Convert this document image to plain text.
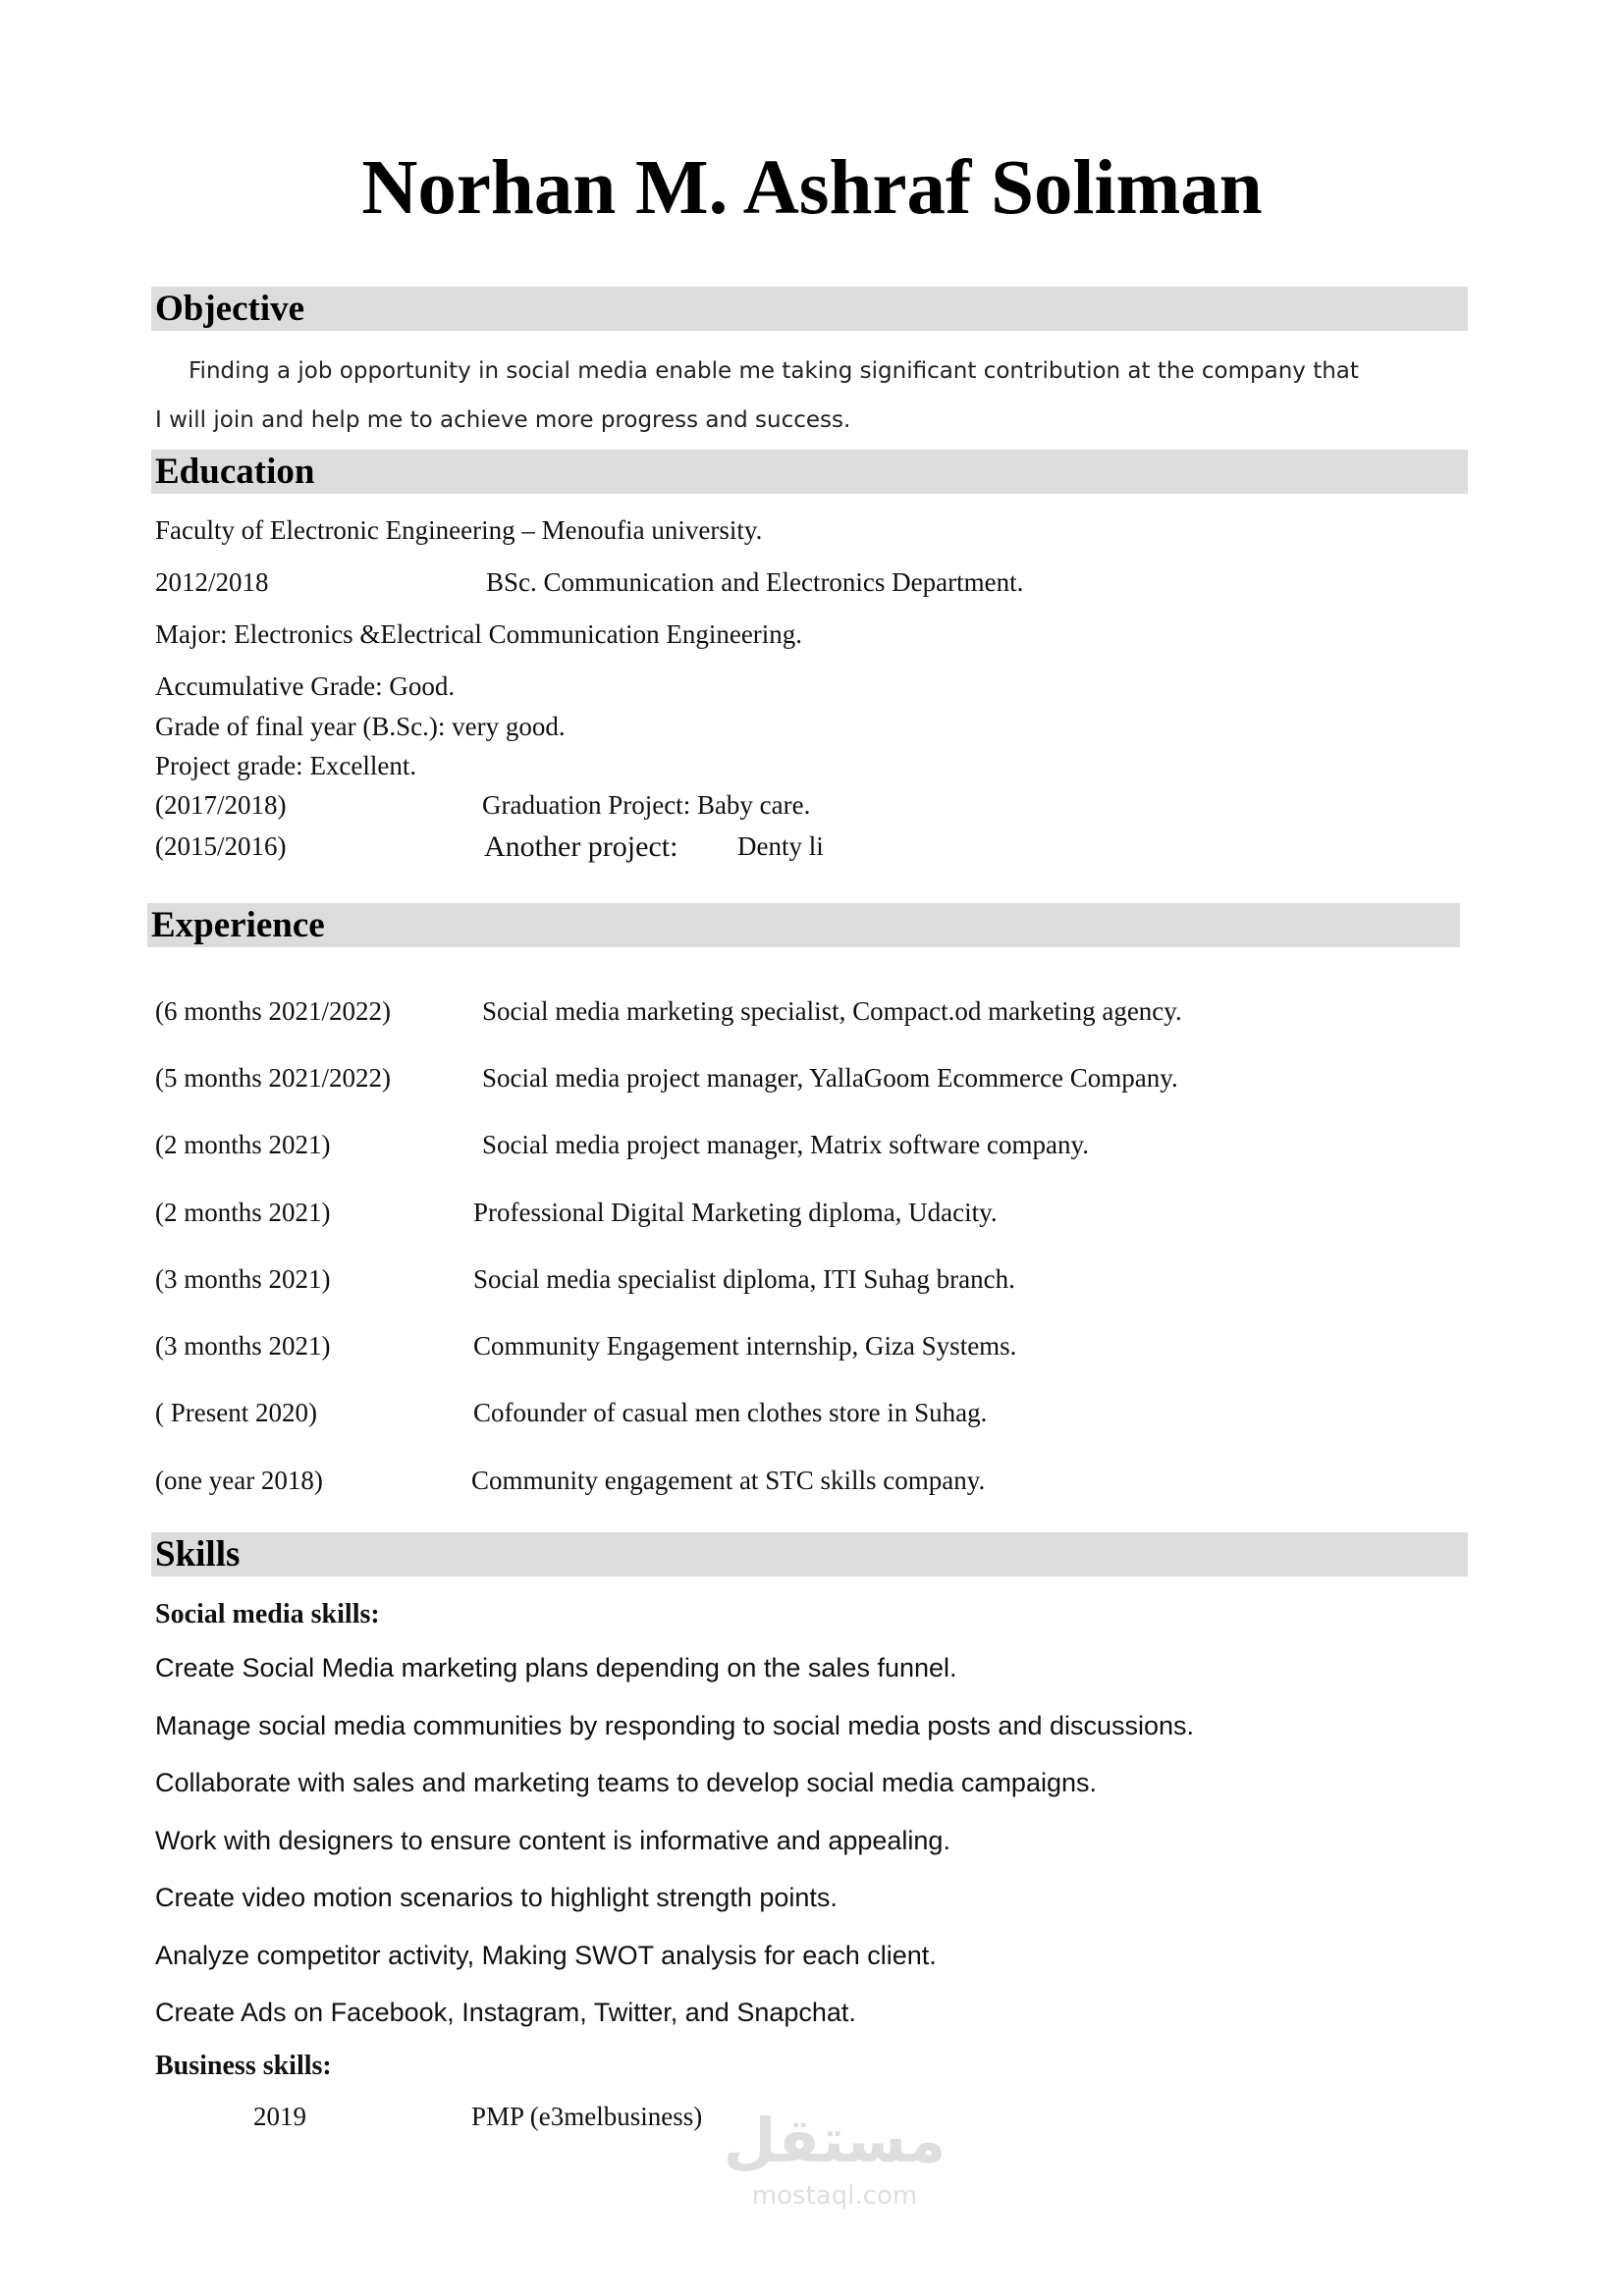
Norhan M. Ashraf Soliman
Objective
Finding a job opportunity in social media enable me taking significant contribution at the company that
I will join and help me to achieve more progress and success.
Education
Faculty of Electronic Engineering – Menoufia university.
2012/2018	BSc. Communication and Electronics Department.
Major: Electronics &Electrical Communication Engineering.
Accumulative Grade: Good.
Grade of final year (B.Sc.): very good.
Project grade: Excellent.
(2017/2018)	Graduation Project: Baby care.
(2015/2016)	Another project: Denty li
Experience
(6 months 2021/2022)	Social media marketing specialist, Compact.od marketing agency.
(5 months 2021/2022)	Social media project manager, YallaGoom Ecommerce Company.
(2 months 2021)	Social media project manager, Matrix software company.
(2 months 2021)	Professional Digital Marketing diploma, Udacity.
(3 months 2021)	Social media specialist diploma, ITI Suhag branch.
(3 months 2021)	Community Engagement internship, Giza Systems.
( Present 2020)	Cofounder of casual men clothes store in Suhag.
(one year 2018)	Community engagement at STC skills company.
Skills
Social media skills:
Create Social Media marketing plans depending on the sales funnel.
Manage social media communities by responding to social media posts and discussions.
Collaborate with sales and marketing teams to develop social media campaigns.
Work with designers to ensure content is informative and appealing.
Create video motion scenarios to highlight strength points.
Analyze competitor activity, Making SWOT analysis for each client.
Create Ads on Facebook, Instagram, Twitter, and Snapchat.
Business skills:
2019	PMP (e3melbusiness) مستقل
mostaql.com
